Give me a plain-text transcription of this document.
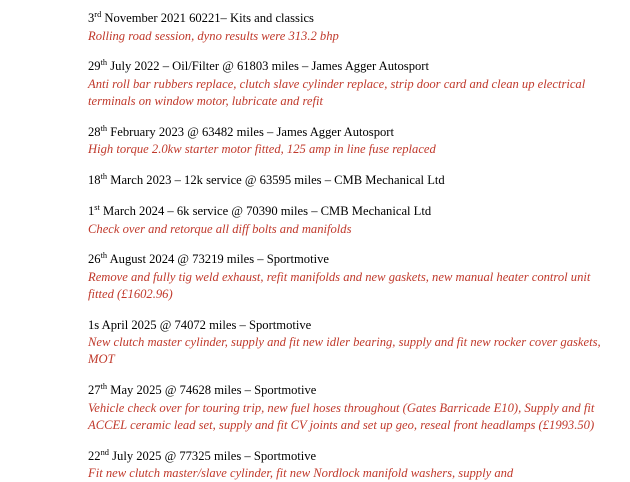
3rd November 2021 60221– Kits and classics

Rolling road session, dyno results were 313.2 bhp

29th July 2022 – Oil/Filter @ 61803 miles – James Agger Autosport

Anti roll bar rubbers replace, clutch slave cylinder replace, strip door card and clean up electrical terminals on window motor, lubricate and refit

28th February 2023 @ 63482 miles – James Agger Autosport

High torque 2.0kw starter motor fitted, 125 amp in line fuse replaced

18th March 2023 – 12k service @ 63595 miles – CMB Mechanical Ltd

1st March 2024 – 6k service @ 70390 miles – CMB Mechanical Ltd

Check over and retorque all diff bolts and manifolds

26th August 2024 @ 73219 miles – Sportmotive

Remove and fully tig weld exhaust, refit manifolds and new gaskets, new manual heater control unit fitted (£1602.96)

1s April 2025 @ 74072 miles – Sportmotive

New clutch master cylinder, supply and fit new idler bearing, supply and fit new rocker cover gaskets, MOT

27th May 2025 @ 74628 miles – Sportmotive

Vehicle check over for touring trip, new fuel hoses throughout (Gates Barricade E10), Supply and fit ACCEL ceramic lead set, supply and fit CV joints and set up geo, reseal front headlamps (£1993.50)

22nd July 2025 @ 77325 miles – Sportmotive

Fit new clutch master/slave cylinder, fit new Nordlock manifold washers, supply and
